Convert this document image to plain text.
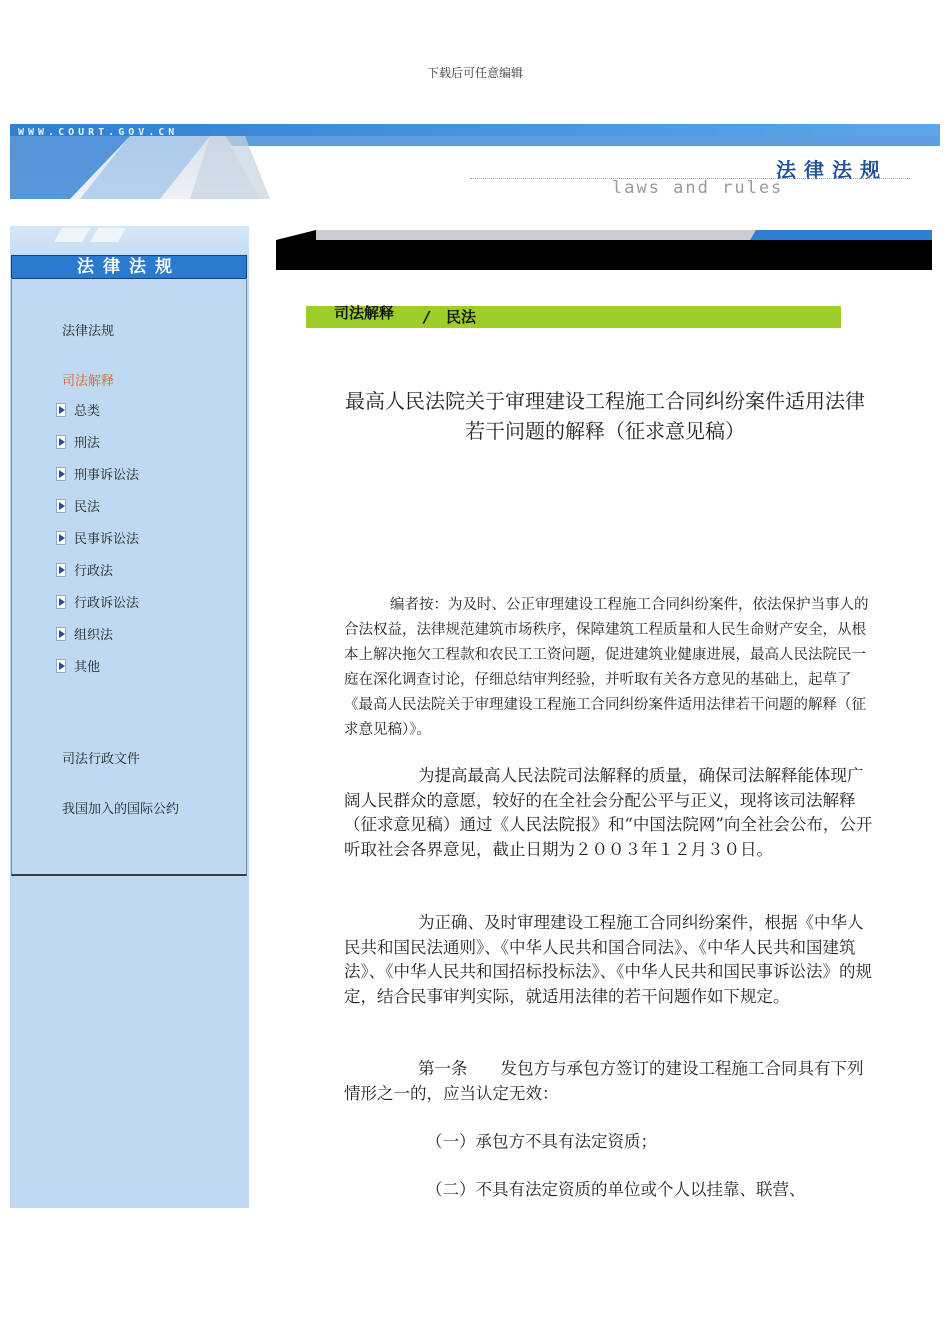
下载后可任意编辑
WWW.COURT.GOV.CN
法律法规
laws and rules
法律法规
法律法规
司法解释
总类
刑法
刑事诉讼法
民法
民事诉讼法
行政法
行政诉讼法
组织法
其他
司法行政文件
我国加入的国际公约
司法解释 / 民法
最高人民法院关于审理建设工程施工合同纠纷案件适用法律若干问题的解释（征求意见稿）
编者按：为及时、公正审理建设工程施工合同纠纷案件，依法保护当事人的合法权益，法律规范建筑市场秩序，保障建筑工程质量和人民生命财产安全，从根本上解决拖欠工程款和农民工工资问题，促进建筑业健康进展，最高人民法院民一庭在深化调查讨论，仔细总结审判经验，并听取有关各方意见的基础上，起草了《最高人民法院关于审理建设工程施工合同纠纷案件适用法律若干问题的解释（征求意见稿）》。
为提高最高人民法院司法解释的质量，确保司法解释能体现广阔人民群众的意愿，较好的在全社会分配公平与正义，现将该司法解释（征求意见稿）通过《人民法院报》和“中国法院网”向全社会公布，公开听取社会各界意见，截止日期为２００３年１２月３０日。
为正确、及时审理建设工程施工合同纠纷案件，根据《中华人民共和国民法通则》、《中华人民共和国合同法》、《中华人民共和国建筑法》、《中华人民共和国招标投标法》、《中华人民共和国民事诉讼法》的规定，结合民事审判实际，就适用法律的若干问题作如下规定。
第一条　　发包方与承包方签订的建设工程施工合同具有下列情形之一的，应当认定无效：
（一）承包方不具有法定资质；
（二）不具有法定资质的单位或个人以挂靠、联营、
